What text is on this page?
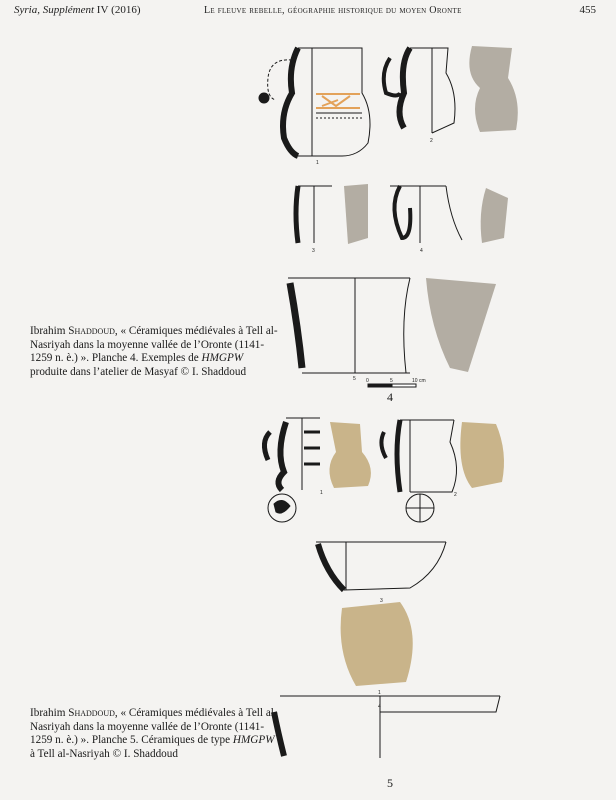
Syria, Supplément IV (2016)	Le fleuve rebelle, géographie historique du moyen Oronte	455
1
2
3	4
5 0	5	10 cm
4
Ibrahim Shaddoud, « Céramiques médiévales à Tell al-Nasriyah dans la moyenne vallée de l’Oronte (1141-1259 n. è.) ». Planche 4. Exemples de HMGPW produite dans l’atelier de Masyaf © I. Shaddoud
1	2
3
1
4
Ibrahim Shaddoud, « Céramiques médiévales à Tell al-Nasriyah dans la moyenne vallée de l’Oronte (1141-1259 n. è.) ». Planche 5. Céramiques de type HMGPW à Tell al-Nasriyah © I. Shaddoud
5
